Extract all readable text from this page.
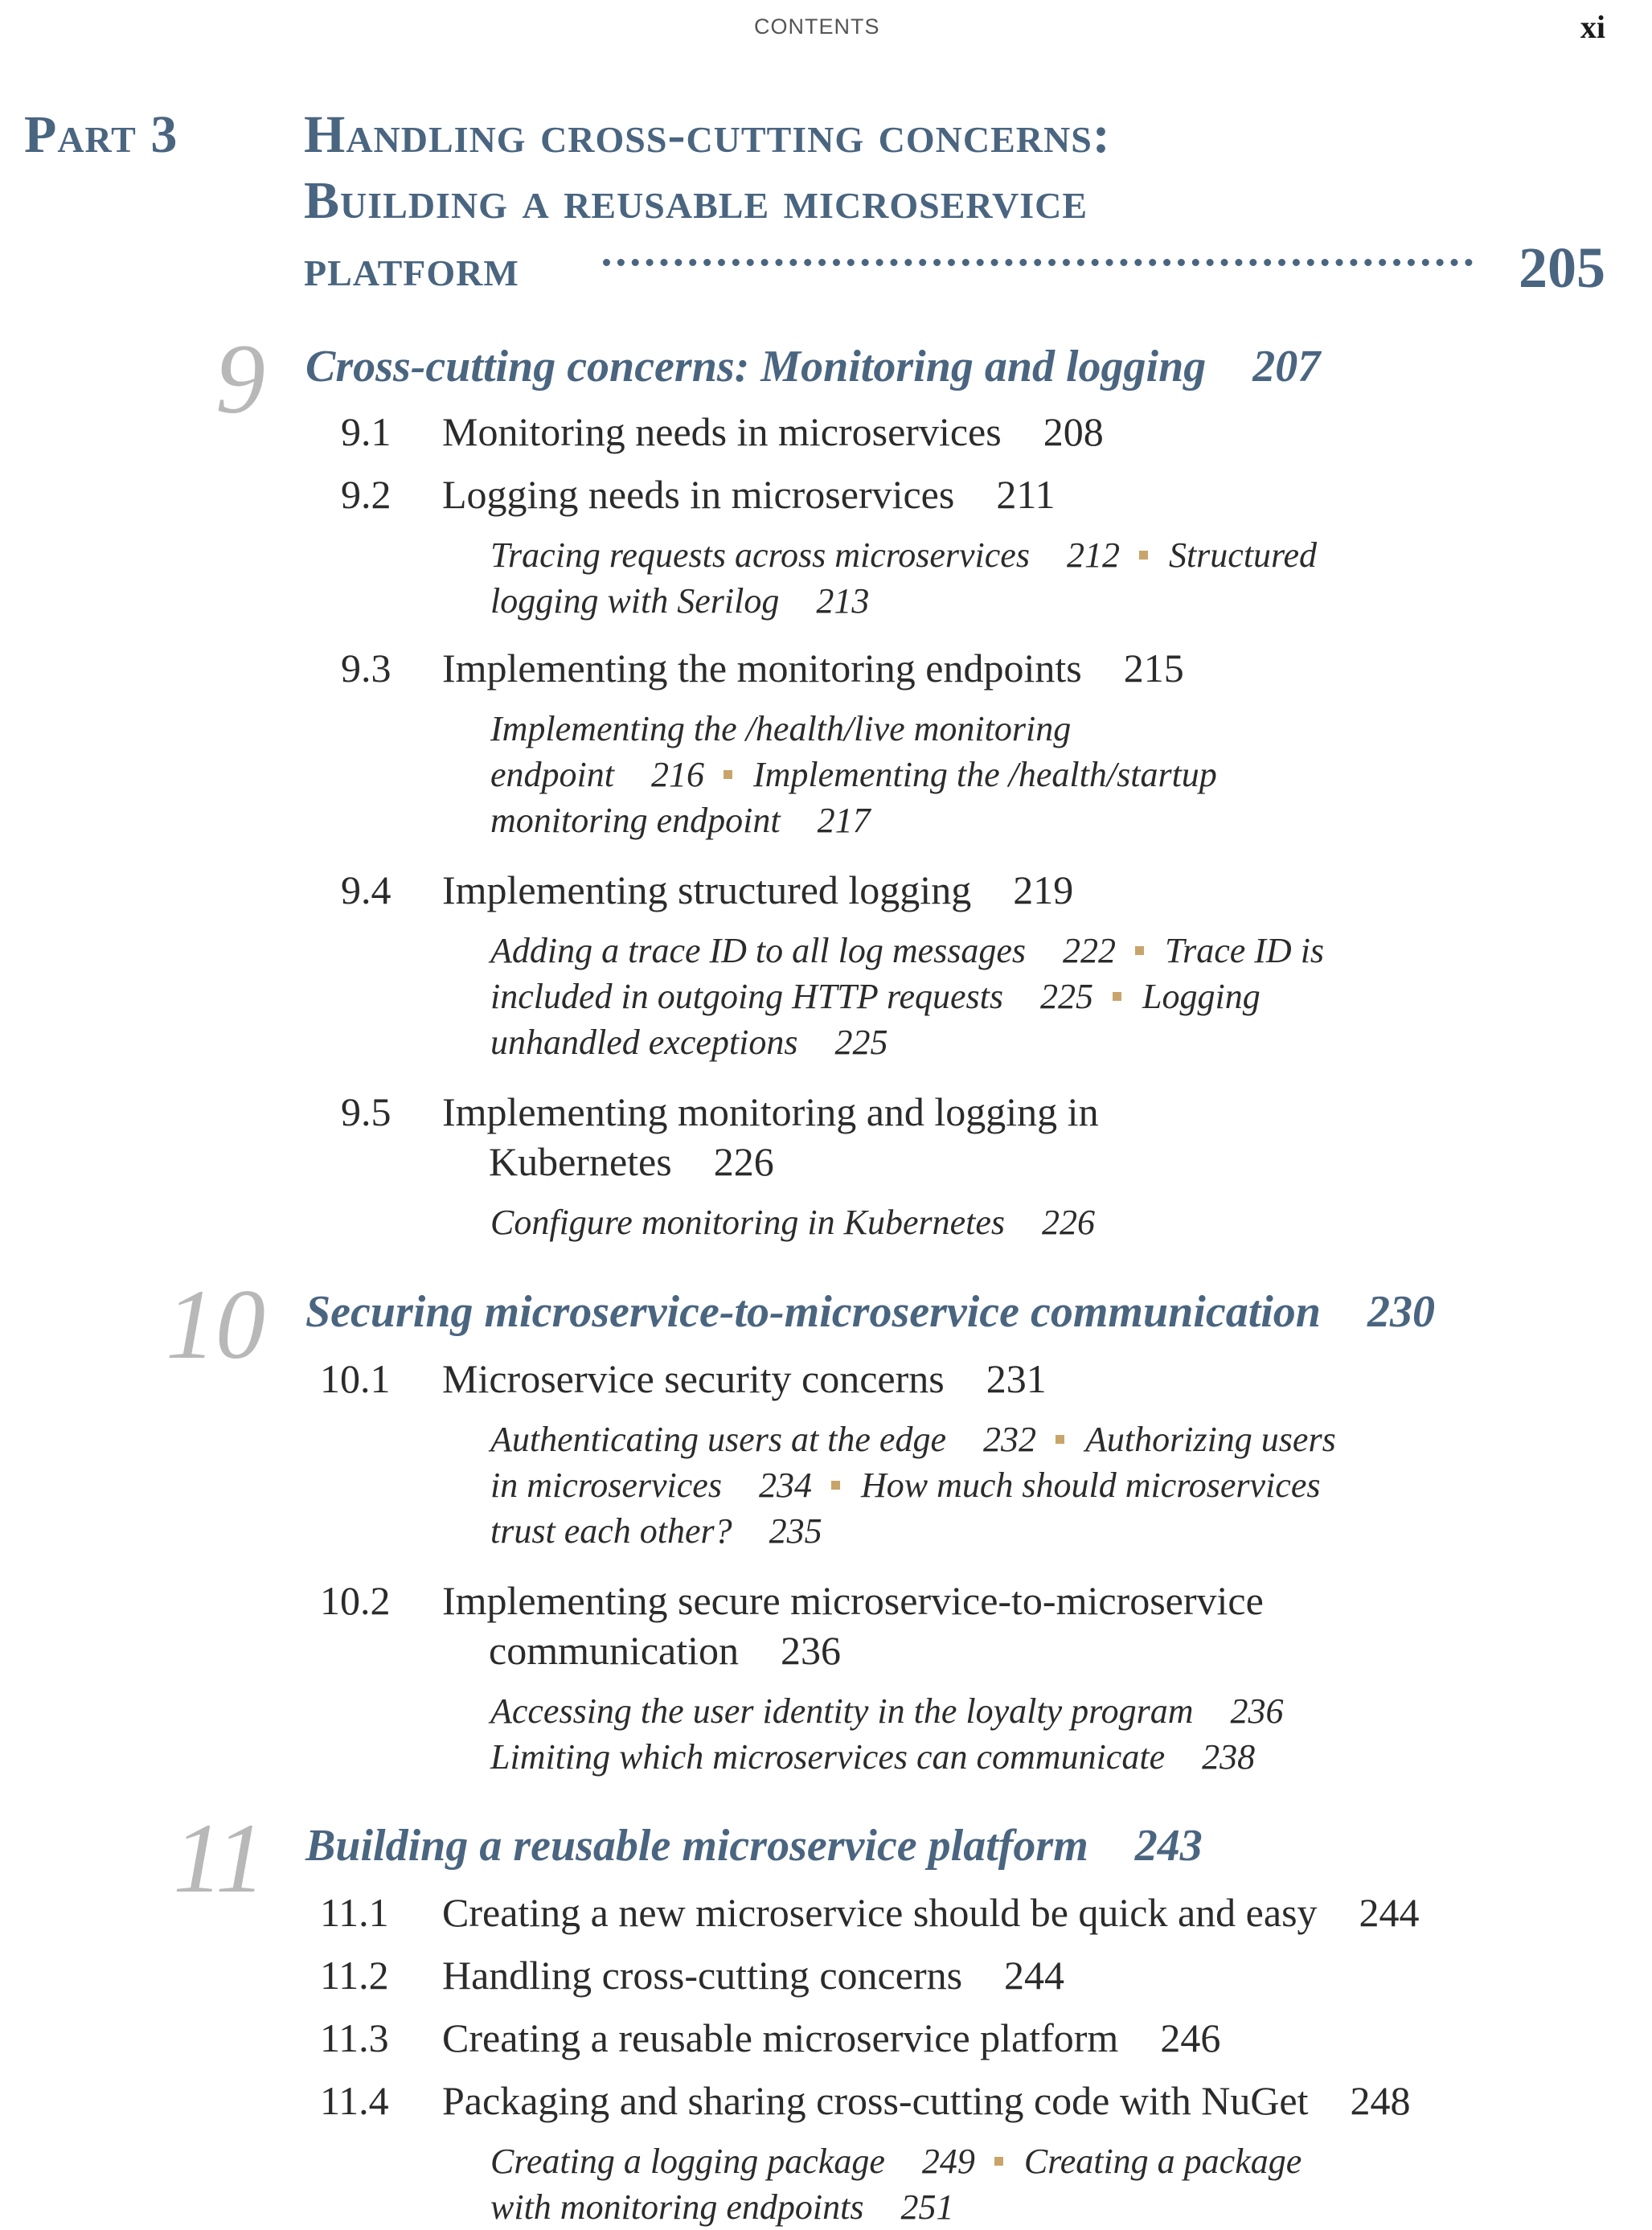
CONTENTS	xi
Part 3 Handling cross-cutting concerns:
Building a reusable microservice
platform	205
9 Cross-cutting concerns: Monitoring and logging 207
9.1 Monitoring needs in microservices 208
9.2 Logging needs in microservices 211
Tracing requests across microservices 212 Structured
logging with Serilog 213
9.3 Implementing the monitoring endpoints 215
Implementing the /health/live monitoring
endpoint 216 Implementing the /health/startup
monitoring endpoint 217
9.4 Implementing structured logging 219
Adding a trace ID to all log messages 222 Trace ID is
included in outgoing HTTP requests 225 Logging
unhandled exceptions 225
9.5 Implementing monitoring and logging in
Kubernetes 226
Configure monitoring in Kubernetes 226
10 Securing microservice-to-microservice communication 230
10.1 Microservice security concerns 231
Authenticating users at the edge 232 Authorizing users
in microservices 234 How much should microservices
trust each other? 235
10.2 Implementing secure microservice-to-microservice
communication 236
Accessing the user identity in the loyalty program 236
Limiting which microservices can communicate 238
11 Building a reusable microservice platform 243
11.1 Creating a new microservice should be quick and easy 244
11.2 Handling cross-cutting concerns 244
11.3 Creating a reusable microservice platform 246
11.4 Packaging and sharing cross-cutting code with NuGet 248
Creating a logging package 249 Creating a package
with monitoring endpoints 251
